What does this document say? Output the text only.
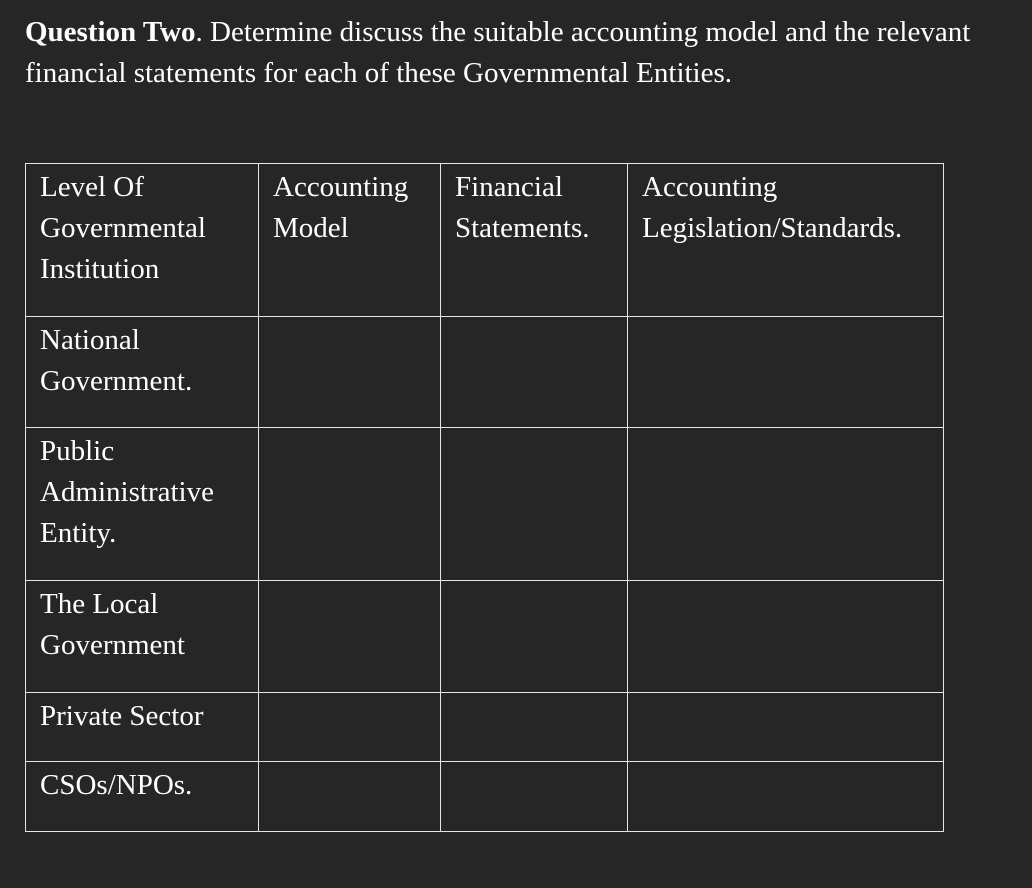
Question Two. Determine discuss the suitable accounting model and the relevant financial statements for each of these Governmental Entities.

Level Of Governmental Institution	Accounting Model	Financial Statements.	Accounting Legislation/Standards.
National Government.			
Public Administrative Entity.			
The Local Government			
Private Sector			
CSOs/NPOs.			
